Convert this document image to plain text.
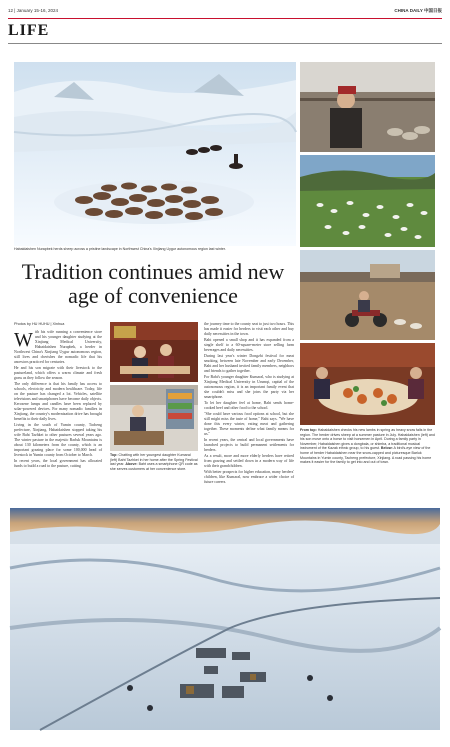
12 | January 15-16, 2024	CHINA DAILY 中国日报
LIFE
Habaidaishen Nurapbek herds sheep across a pristine landscape in Northwest China's Xinjiang Uygur autonomous region last winter.
Tradition continues amid new age of convenience
Photos by HU HUHU | Xinhua

With his wife running a convenience store and his younger daughter studying at the Xinjiang Medical University, Habaidaishen Nurapbek, a herder in Northwest China's Xinjiang Uygur autonomous region, still lives and cherishes the nomadic life that his ancestors practiced for centuries.

He and his son migrate with their livestock to the pastureland, which offers a warm climate and fresh grass as they follow the season.

The only difference is that his family has access to schools, electricity and modern healthcare. Today, life on the pasture has changed a lot. Vehicles, satellite televisions and smartphones have become daily objects. Kerosene lamps and candles have been replaced by solar-powered devices. For many nomadic families in Xinjiang, the country's modernization drive has brought benefits to their daily lives.

Living in the south of Yumin county, Tacheng prefecture, Xinjiang, Habaidaishen stopped taking his wife Baht Tazhkei to other pastures several years ago. The winter pasture in the majestic Barluk Mountains is about 130 kilometers from the county, which is an important grazing place for some 100,000 head of livestock in Yumin county from October to March.

In recent years, the local government has allocated funds to build a road to the pasture, cutting

Top: Chatting with her youngest daughter Kumaral (left) Baht Tazhkei in her home after the Spring Festival last year. Above: Baht uses a smartphone QR code as she serves customers at her convenience store.

the journey time to the county seat to just two hours. This has made it easier for herders to visit each other and buy daily necessities in the town.

Baht opened a small shop and it has expanded from a single shelf to a 60-square-meter store selling farm beverages and daily necessities.

During last year's winter Dongzhi festival for meat smoking, between late November and early December, Baht and her husband invited family members, neighbors and friends to gather together.

For Baht's younger daughter Kumaral, who is studying at Xinjiang Medical University in Urumqi, capital of the autonomous region, it is an important family event that she couldn't miss and she joins the party via her smartphone.

To let her daughter feel at home, Baht sends home-cooked beef and other food to the school.

"She could have various food options at school, but she still might miss the taste of home," Baht says. "We have done this every winter, eating meat and gathering together. These moments define what family means for us."

In recent years, the central and local governments have launched projects to build permanent settlements for herders.

As a result, more and more elderly herders have retired from grazing and settled down in a modern way of life with their grandchildren.

With better prospects for higher education, many herders' children, like Kumaral, now embrace a wider choice of future careers.

From top: Habaidaishen checks his new lambs in spring as heavy snow falls in the region. The herder drives sheep at a summer pasture in July. Habaidaishen (left) and his son move onto a horse to visit horsemen in April. During a family party in November, Habaidaishen gives a dongbala, or shimba, a traditional musical instrument of the Kazak ethnic group, to his guest. Below: A bird's-eye view of the home of herder Habaidaishen near the snow-capped and picturesque Barluk Mountains in Yumin county, Tacheng prefecture, Xinjiang. A road passing his home makes it easier for the family to get into and out of town.
